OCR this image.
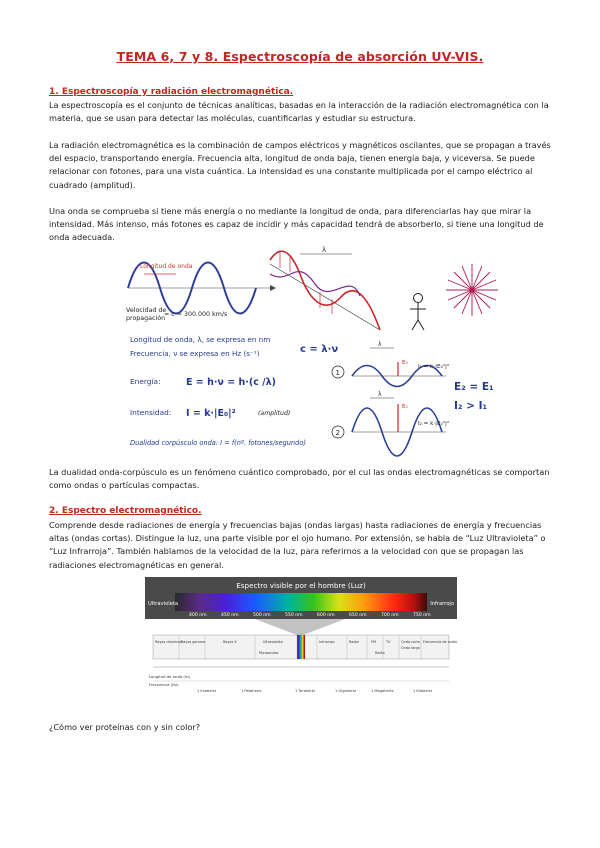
TEMA 6, 7 y 8. Espectroscopía de absorción UV-VIS.
1. Espectroscopía y radiación electromagnética.
La espectroscopía es el conjunto de técnicas analíticas, basadas en la interacción de la radiación electromagnética con la materia, que se usan para detectar las moléculas, cuantificarlas y estudiar su estructura.
La radiación electromagnética es la combinación de campos eléctricos y magnéticos oscilantes, que se propagan a través del espacio, transportando energía. Frecuencia alta, longitud de onda baja, tienen energía baja, y viceversa. Se puede relacionar con fotones, para una vista cuántica. La intensidad es una constante multiplicada por el campo eléctrico al cuadrado (amplitud).
Una onda se comprueba si tiene más energía o no mediante la longitud de onda, para diferenciarlas hay que mirar la intensidad. Más intenso, más fotones es capaz de incidir y más capacidad tendrá de absorberlo, si tiene una longitud de onda adecuada.
Longitud de onda
Velocidad de
propagación
= c = 300.000 km/s
λ
Longitud de onda, λ, se expresa en nm
Frecuencia, ν se expresa en Hz (s⁻¹)	c = λ·ν
Energía:	E = h·ν = h·(c /λ)
Intensidad: I = k·|E₀|²	(amplitud)
Dualidad corpúsculo onda: I = f(nº. fotones/segundo)
1
λ
E₀
I₁ = k·|E₀¹|²
2
λ
E₀
I₂ = k·|E₀²|²
E₂ = E₁
I₂ > I₁
La dualidad onda-corpúsculo es un fenómeno cuántico comprobado, por el cul las ondas electromagnéticas se comportan como ondas o partículas compactas.
2. Espectro electromagnético.
Comprende desde radiaciones de energía y frecuencias bajas (ondas largas) hasta radiaciones de energía y frecuencias altas (ondas cortas). Distingue la luz, una parte visible por el ojo humano. Por extensión, se habla de “Luz Ultravioleta” o “Luz Infrarroja”. También hablamos de la velocidad de la luz, para referirnos a la velocidad con que se propagan las radiaciones electromagnéticas en general.
Espectro visible por el hombre (Luz)
Ultravioleta	Infrarrojo
400 nm	450 nm	500 nm	550 nm	600 nm	650 nm	700 nm	750 nm
Rayos cósmicos Rayos gamma	Rayos X	Ultravioleta	Infrarrojo	Radar	FM	TV	Onda corta
Onda larga
Frecuencia de audio
Microondas	Radio
Longitud de onda (m)
Frecuencia (Hz)
1 Exahertz	1 Petahertz	1 Terahertz	1 Gigahertz	1 Megahertz	1 Kilohertz
¿Cómo ver proteínas con y sin color?
